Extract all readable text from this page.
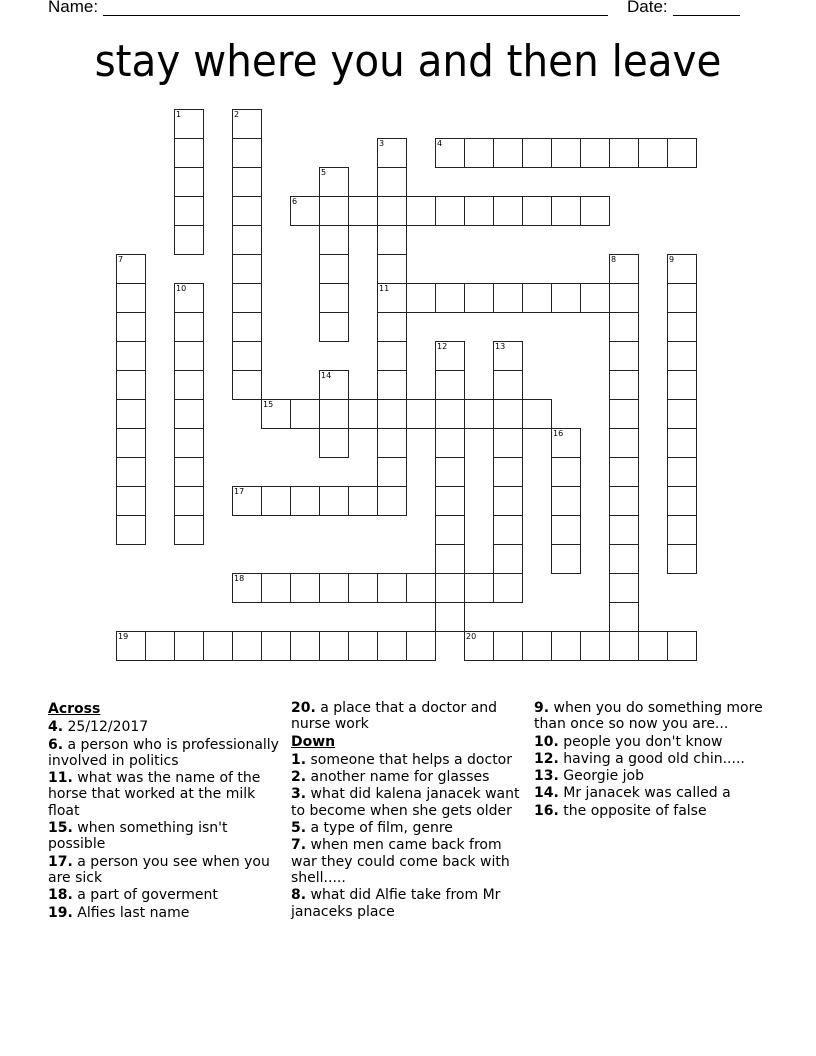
Name:	Date:
stay where you and then leave
1	2
3
11
4
5
6
7	8	9
10
12	13
14
15
16
17
18
19	20
Across
4. 25/12/2017
6. a person who is professionally involved in politics
11. what was the name of the horse that worked at the milk float
15. when something isn't possible
17. a person you see when you are sick
18. a part of goverment
19. Alfies last name
20. a place that a doctor and nurse work
Down
1. someone that helps a doctor
2. another name for glasses
3. what did kalena janacek want to become when she gets older
5. a type of film, genre
7. when men came back from war they could come back with shell.....
8. what did Alfie take from Mr janaceks place
9. when you do something more than once so now you are...
10. people you don't know
12. having a good old chin.....
13. Georgie job
14. Mr janacek was called a
16. the opposite of false
